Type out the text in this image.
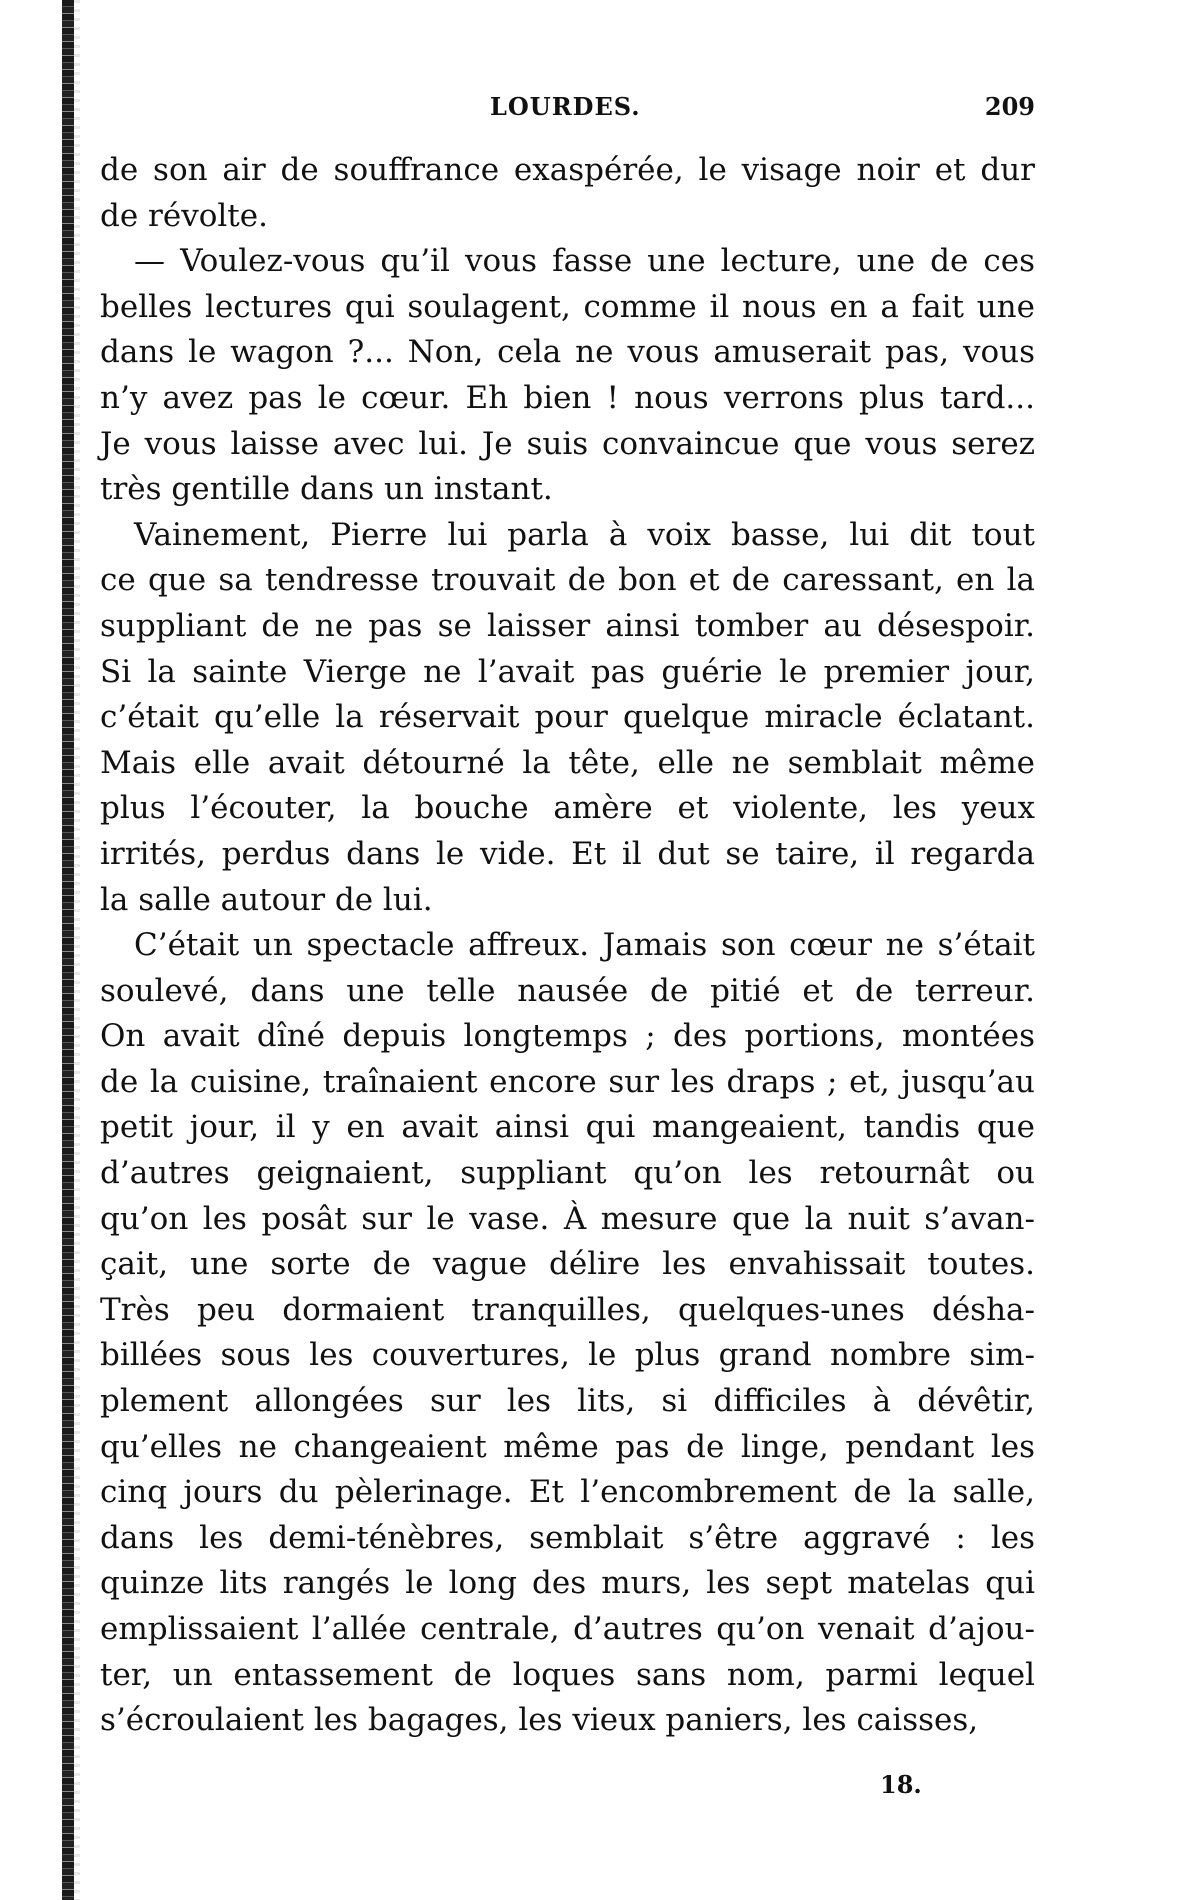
LOURDES.	209
de son air de souffrance exaspérée, le visage noir et dur
de révolte.
— Voulez-vous qu’il vous fasse une lecture, une de ces
belles lectures qui soulagent, comme il nous en a fait une
dans le wagon ?... Non, cela ne vous amuserait pas, vous
n’y avez pas le cœur. Eh bien ! nous verrons plus tard...
Je vous laisse avec lui. Je suis convaincue que vous serez
très gentille dans un instant.
Vainement, Pierre lui parla à voix basse, lui dit tout
ce que sa tendresse trouvait de bon et de caressant, en la
suppliant de ne pas se laisser ainsi tomber au désespoir.
Si la sainte Vierge ne l’avait pas guérie le premier jour,
c’était qu’elle la réservait pour quelque miracle éclatant.
Mais elle avait détourné la tête, elle ne semblait même
plus l’écouter, la bouche amère et violente, les yeux
irrités, perdus dans le vide. Et il dut se taire, il regarda
la salle autour de lui.
C’était un spectacle affreux. Jamais son cœur ne s’était
soulevé, dans une telle nausée de pitié et de terreur.
On avait dîné depuis longtemps ; des portions, montées
de la cuisine, traînaient encore sur les draps ; et, jusqu’au
petit jour, il y en avait ainsi qui mangeaient, tandis que
d’autres geignaient, suppliant qu’on les retournât ou
qu’on les posât sur le vase. À mesure que la nuit s’avan-
çait, une sorte de vague délire les envahissait toutes.
Très peu dormaient tranquilles, quelques-unes désha-
billées sous les couvertures, le plus grand nombre sim-
plement allongées sur les lits, si difficiles à dévêtir,
qu’elles ne changeaient même pas de linge, pendant les
cinq jours du pèlerinage. Et l’encombrement de la salle,
dans les demi-ténèbres, semblait s’être aggravé : les
quinze lits rangés le long des murs, les sept matelas qui
emplissaient l’allée centrale, d’autres qu’on venait d’ajou-
ter, un entassement de loques sans nom, parmi lequel
s’écroulaient les bagages, les vieux paniers, les caisses,
18.
